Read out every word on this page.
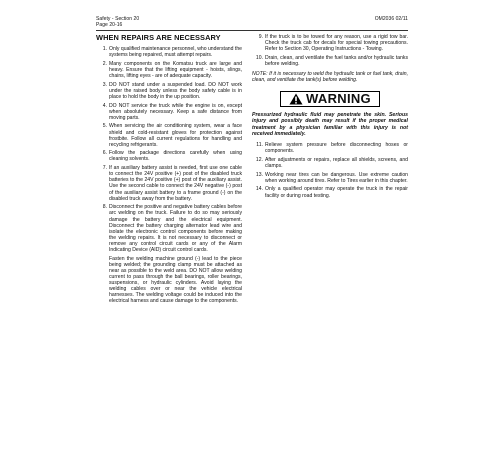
Safety - Section 20
Page 20-16
OM2036 02/11
WHEN REPAIRS ARE NECESSARY
1. Only qualified maintenance personnel, who understand the systems being repaired, must attempt repairs.
2. Many components on the Komatsu truck are large and heavy. Ensure that the lifting equipment - hoists, slings, chains, lifting eyes - are of adequate capacity.
3. DO NOT stand under a suspended load. DO NOT work under the raised body unless the body safety cable is in place to hold the body in the up position.
4. DO NOT service the truck while the engine is on, except when absolutely necessary. Keep a safe distance from moving parts.
5. When servicing the air conditioning system, wear a face shield and cold-resistant gloves for protection against frostbite. Follow all current regulations for handling and recycling refrigerants.
6. Follow the package directions carefully when using cleaning solvents.
7. If an auxiliary battery assist is needed, first use one cable to connect the 24V positive (+) post of the disabled truck batteries to the 24V positive (+) post of the auxiliary assist. Use the second cable to connect the 24V negative (-) post of the auxiliary assist battery to a frame ground (-) on the disabled truck away from the battery.
8. Disconnect the positive and negative battery cables before arc welding on the truck. Failure to do so may seriously damage the battery and the electrical equipment. Disconnect the battery charging alternator lead wire and isolate the electronic control components before making the welding repairs. It is not necessary to disconnect or remove any control circuit cards or any of the Alarm Indicating Device (AID) circuit control cards.

Fasten the welding machine ground (-) lead to the piece being welded; the grounding clamp must be attached as near as possible to the weld area. DO NOT allow welding current to pass through the ball bearings, roller bearings, suspensions, or hydraulic cylinders. Avoid laying the welding cables over or near the vehicle electrical harnesses. The welding voltage could be induced into the electrical harness and cause damage to the components.

9. If the truck is to be towed for any reason, use a rigid tow bar. Check the truck cab for decals for special towing precautions. Refer to Section 30, Operating Instructions - Towing.
10. Drain, clean, and ventilate the fuel tanks and/or hydraulic tanks before welding.

NOTE: If it is necessary to weld the hydraulic tank or fuel tank, drain, clean, and ventilate the tank(s) before welding.

WARNING

Pressurized hydraulic fluid may penetrate the skin. Serious injury and possibly death may result if the proper medical treatment by a physician familiar with this injury is not received immediately.

11. Relieve system pressure before disconnecting hoses or components.
12. After adjustments or repairs, replace all shields, screens, and clamps.
13. Working near tires can be dangerous. Use extreme caution when working around tires. Refer to Tires earlier in this chapter.
14. Only a qualified operator may operate the truck in the repair facility or during road testing.
